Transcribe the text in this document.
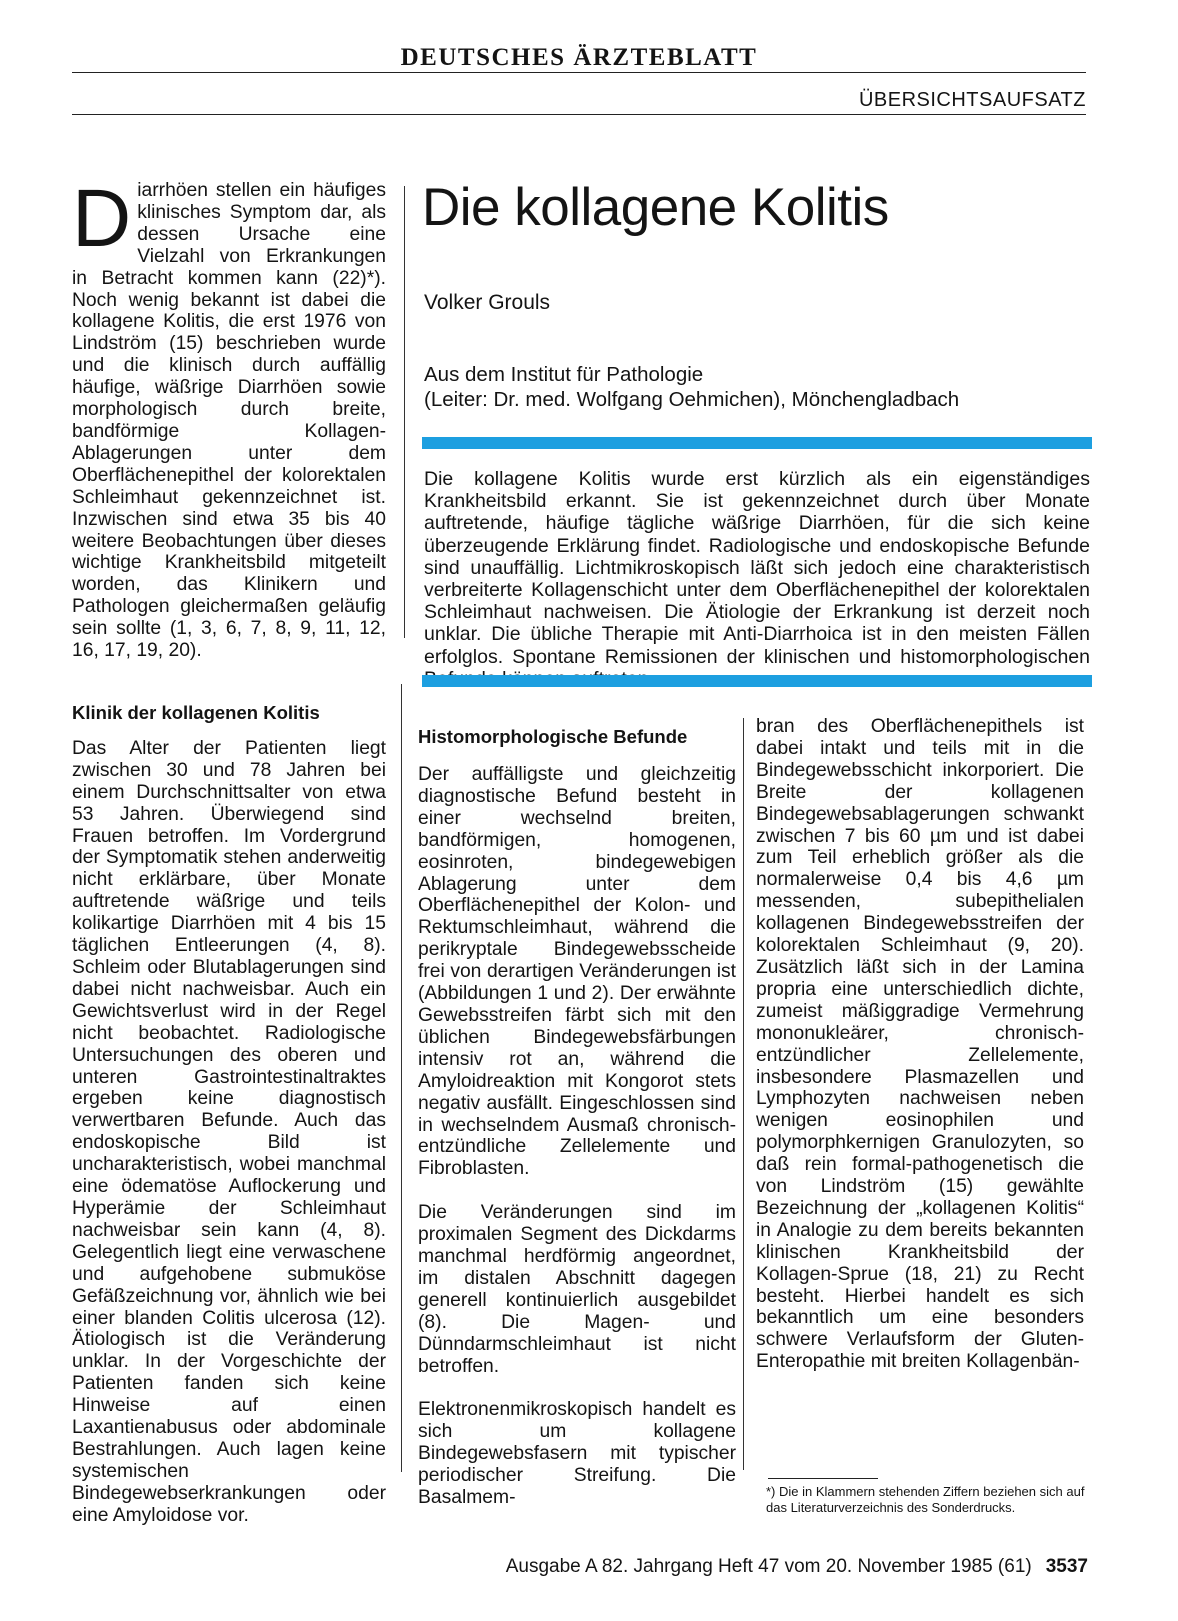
DEUTSCHES ÄRZTEBLATT
ÜBERSICHTSAUFSATZ

Diarrhöen stellen ein häufiges klinisches Symptom dar, als dessen Ursache eine Vielzahl von Erkrankungen in Betracht kommen kann (22)*). Noch wenig bekannt ist dabei die kollagene Kolitis, die erst 1976 von Lindström (15) beschrieben wurde und die klinisch durch auffällig häufige, wäßrige Diarrhöen sowie morphologisch durch breite, bandförmige Kollagen-Ablagerungen unter dem Oberflächenepithel der kolorektalen Schleimhaut gekennzeichnet ist. Inzwischen sind etwa 35 bis 40 weitere Beobachtungen über dieses wichtige Krankheitsbild mitgeteilt worden, das Klinikern und Pathologen gleichermaßen geläufig sein sollte (1, 3, 6, 7, 8, 9, 11, 12, 16, 17, 19, 20).

Klinik der kollagenen Kolitis

Das Alter der Patienten liegt zwischen 30 und 78 Jahren bei einem Durchschnittsalter von etwa 53 Jahren. Überwiegend sind Frauen betroffen. Im Vordergrund der Symptomatik stehen anderweitig nicht erklärbare, über Monate auftretende wäßrige und teils kolikartige Diarrhöen mit 4 bis 15 täglichen Entleerungen (4, 8). Schleim oder Blutablagerungen sind dabei nicht nachweisbar. Auch ein Gewichtsverlust wird in der Regel nicht beobachtet. Radiologische Untersuchungen des oberen und unteren Gastrointestinaltraktes ergeben keine diagnostisch verwertbaren Befunde. Auch das endoskopische Bild ist uncharakteristisch, wobei manchmal eine ödematöse Auflockerung und Hyperämie der Schleimhaut nachweisbar sein kann (4, 8). Gelegentlich liegt eine verwaschene und aufgehobene submuköse Gefäßzeichnung vor, ähnlich wie bei einer blanden Colitis ulcerosa (12). Ätiologisch ist die Veränderung unklar. In der Vorgeschichte der Patienten fanden sich keine Hinweise auf einen Laxantienabusus oder abdominale Bestrahlungen. Auch lagen keine systemischen Bindegewebserkrankungen oder eine Amyloidose vor.

Die kollagene Kolitis
Volker Grouls
Aus dem Institut für Pathologie
(Leiter: Dr. med. Wolfgang Oehmichen), Mönchengladbach

Die kollagene Kolitis wurde erst kürzlich als ein eigenständiges Krankheitsbild erkannt. Sie ist gekennzeichnet durch über Monate auftretende, häufige tägliche wäßrige Diarrhöen, für die sich keine überzeugende Erklärung findet. Radiologische und endoskopische Befunde sind unauffällig. Lichtmikroskopisch läßt sich jedoch eine charakteristisch verbreiterte Kollagenschicht unter dem Oberflächenepithel der kolorektalen Schleimhaut nachweisen. Die Ätiologie der Erkrankung ist derzeit noch unklar. Die übliche Therapie mit Anti-Diarrhoica ist in den meisten Fällen erfolglos. Spontane Remissionen der klinischen und histomorphologischen

Histomorphologische Befunde

Der auffälligste und gleichzeitig diagnostische Befund besteht in einer wechselnd breiten, bandförmigen, homogenen, eosinroten, bindegewebigen Ablagerung unter dem Oberflächenepithel der Kolon- und Rektumschleimhaut, während die perikryptale Bindegewebsscheide frei von derartigen Veränderungen ist (Abbildungen 1 und 2). Der erwähnte Gewebsstreifen färbt sich mit den üblichen Bindegewebsfärbungen intensiv rot an, während die Amyloidreaktion mit Kongorot stets negativ ausfällt. Eingeschlossen sind in wechselndem Ausmaß chronisch-entzündliche Zellelemente und Fibroblasten.

Die Veränderungen sind im proximalen Segment des Dickdarms manchmal herdförmig angeordnet, im distalen Abschnitt dagegen generell kontinuierlich ausgebildet (8). Die Magen- und Dünndarmschleimhaut ist nicht betroffen.

Elektronenmikroskopisch handelt es sich um kollagene Bindegewebsfasern mit typischer periodischer Streifung. Die Basalmem-

bran des Oberflächenepithels ist dabei intakt und teils mit in die Bindegewebsschicht inkorporiert. Die Breite der kollagenen Bindegewebsablagerungen schwankt zwischen 7 bis 60 µm und ist dabei zum Teil erheblich größer als die normalerweise 0,4 bis 4,6 µm messenden, subepithelialen kollagenen Bindegewebsstreifen der kolorektalen Schleimhaut (9, 20). Zusätzlich läßt sich in der Lamina propria eine unterschiedlich dichte, zumeist mäßiggradige Vermehrung mononukleärer, chronisch-entzündlicher Zellelemente, insbesondere Plasmazellen und Lymphozyten nachweisen neben wenigen eosinophilen und polymorphkernigen Granulozyten, so daß rein formal-pathogenetisch die von Lindström (15) gewählte Bezeichnung der „kollagenen Kolitis“ in Analogie zu dem bereits bekannten klinischen Krankheitsbild der Kollagen-Sprue (18, 21) zu Recht besteht. Hierbei handelt es sich bekanntlich um eine besonders schwere Verlaufsform der Gluten-Enteropathie mit breiten Kollagenbän-

*) Die in Klammern stehenden Ziffern beziehen sich auf das Literaturverzeichnis des Sonderdrucks.
Ausgabe A 82. Jahrgang Heft 47 vom 20. November 1985 (61) 3537
